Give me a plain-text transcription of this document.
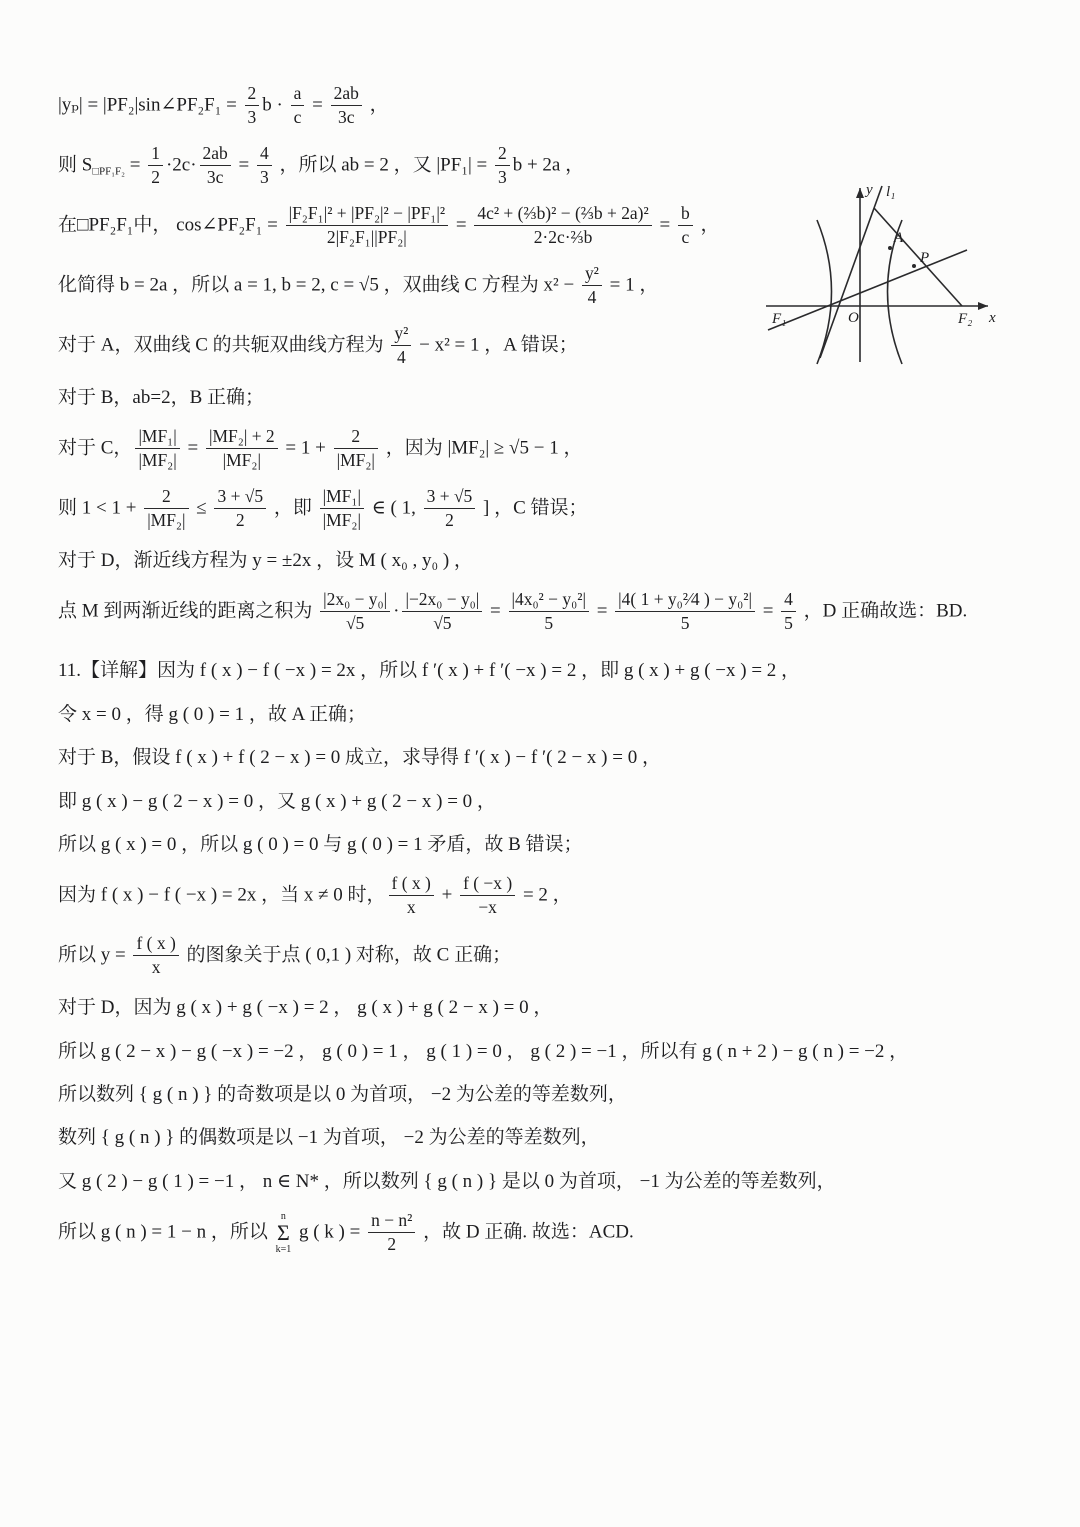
|yₚ| = |PF₂|sin∠PF₂F₁ = $\frac{2}{3}$ $b \cdot \frac{a}{c} = \frac{2ab}{3c}$ ，
则 $S_{□PF_1F_2} = \frac{1}{2} \cdot 2c\cdot \frac{2ab}{3c} = \frac{4}{3}$ ，所以 ab = 2 ，又 $|PF_1| = \frac{2}{3}$ b + 2a ，
在□PF₂F₁中， cos∠PF₂F₁ = $\frac{\text{|F₂F₁|² + |PF₂|² − |PF₁|²}}{\text{2|F₂F₁||PF₂|}} = \frac{\text{4c² + (⅔b)² − (⅔b + 2a)²}}{\text{2·2c·⅔b}} = \frac{b}{c}$ ，
化简得 b = 2a ，所以 a = 1, b = 2, c = √5 ，双曲线 C 方程为 $x^2 - \frac{\text{y²}}{4} = 1$ ，
对于 A，双曲线 C 的共轭双曲线方程为 $\frac{\text{y²}}{4} - x^2 = 1$ ，A 错误；
对于 B，ab=2，B 正确；
对于 C， $\frac{\text{|MF₁|}}{\text{|MF₂|}} = \frac{\text{|MF₂| + 2}}{\text{|MF₂|}} = 1 + \frac{2}{\text{|MF₂|}}$ ，因为 |MF₂| ≥ √5 − 1 ，
则 $1 < 1 + \frac{2}{\text{|MF₂|}} \le \frac{3 + √5}{2}$ ，即 $\frac{\text{|MF₁|}}{\text{|MF₂|}}$ ∈ ( 1, $\frac{3 + √5}{2}$ ] ，C 错误；
对于 D，渐近线方程为 y = ±2x ，设 M ( x₀ , y₀ ) ，
点 M 到两渐近线的距离之积为 $\frac{\text{|2x₀ − y₀|}}{√5} \cdot \frac{\text{|−2x₀ − y₀|}}{√5} = \frac{\text{|4x₀² − y₀²|}}{5} = \frac{\text{|4( 1 + y₀²⁄4 ) − y₀²|}}{5} = \frac{4}{5}$ ，D 正确故选：BD.
11.【详解】因为 f ( x ) − f ( −x ) = 2x ，所以 f ′( x ) + f ′( −x ) = 2 ，即 g ( x ) + g ( −x ) = 2 ，
令 x = 0 ，得 g ( 0 ) = 1 ，故 A 正确；
对于 B，假设 f ( x ) + f ( 2 − x ) = 0 成立，求导得 f ′( x ) − f ′( 2 − x ) = 0 ，
即 g ( x ) − g ( 2 − x ) = 0 ，又 g ( x ) + g ( 2 − x ) = 0 ，
所以 g ( x ) = 0 ，所以 g ( 0 ) = 0 与 g ( 0 ) = 1 矛盾，故 B 错误；
因为 f ( x ) − f ( −x ) = 2x ，当 x ≠ 0 时， $\frac{f ( x )}{x} + \frac{f ( -x )}{-x} = 2$ ，
所以 $y = \frac{f ( x )}{x}$ 的图象关于点 ( 0,1 ) 对称，故 C 正确；
对于 D，因为 g ( x ) + g ( −x ) = 2 ， g ( x ) + g ( 2 − x ) = 0 ，
所以 g ( 2 − x ) − g ( −x ) = −2 ， g ( 0 ) = 1 ， g ( 1 ) = 0 ， g ( 2 ) = −1 ，所以有 g ( n + 2 ) − g ( n ) = −2 ，
所以数列 { g ( n ) } 的奇数项是以 0 为首项， −2 为公差的等差数列，
数列 { g ( n ) } 的偶数项是以 −1 为首项， −2 为公差的等差数列，
又 g ( 2 ) − g ( 1 ) = −1 ， n ∈ N* ，所以数列 { g ( n ) } 是以 0 为首项， −1 为公差的等差数列，
所以 g ( n ) = 1 − n ，所以
n
Σ
k=1
g ( k ) = $\frac{\text{n − n²}}{2}$ ，故 D 正确. 故选：ACD.
y l₁
A
P
F₁	O	F₂ x
